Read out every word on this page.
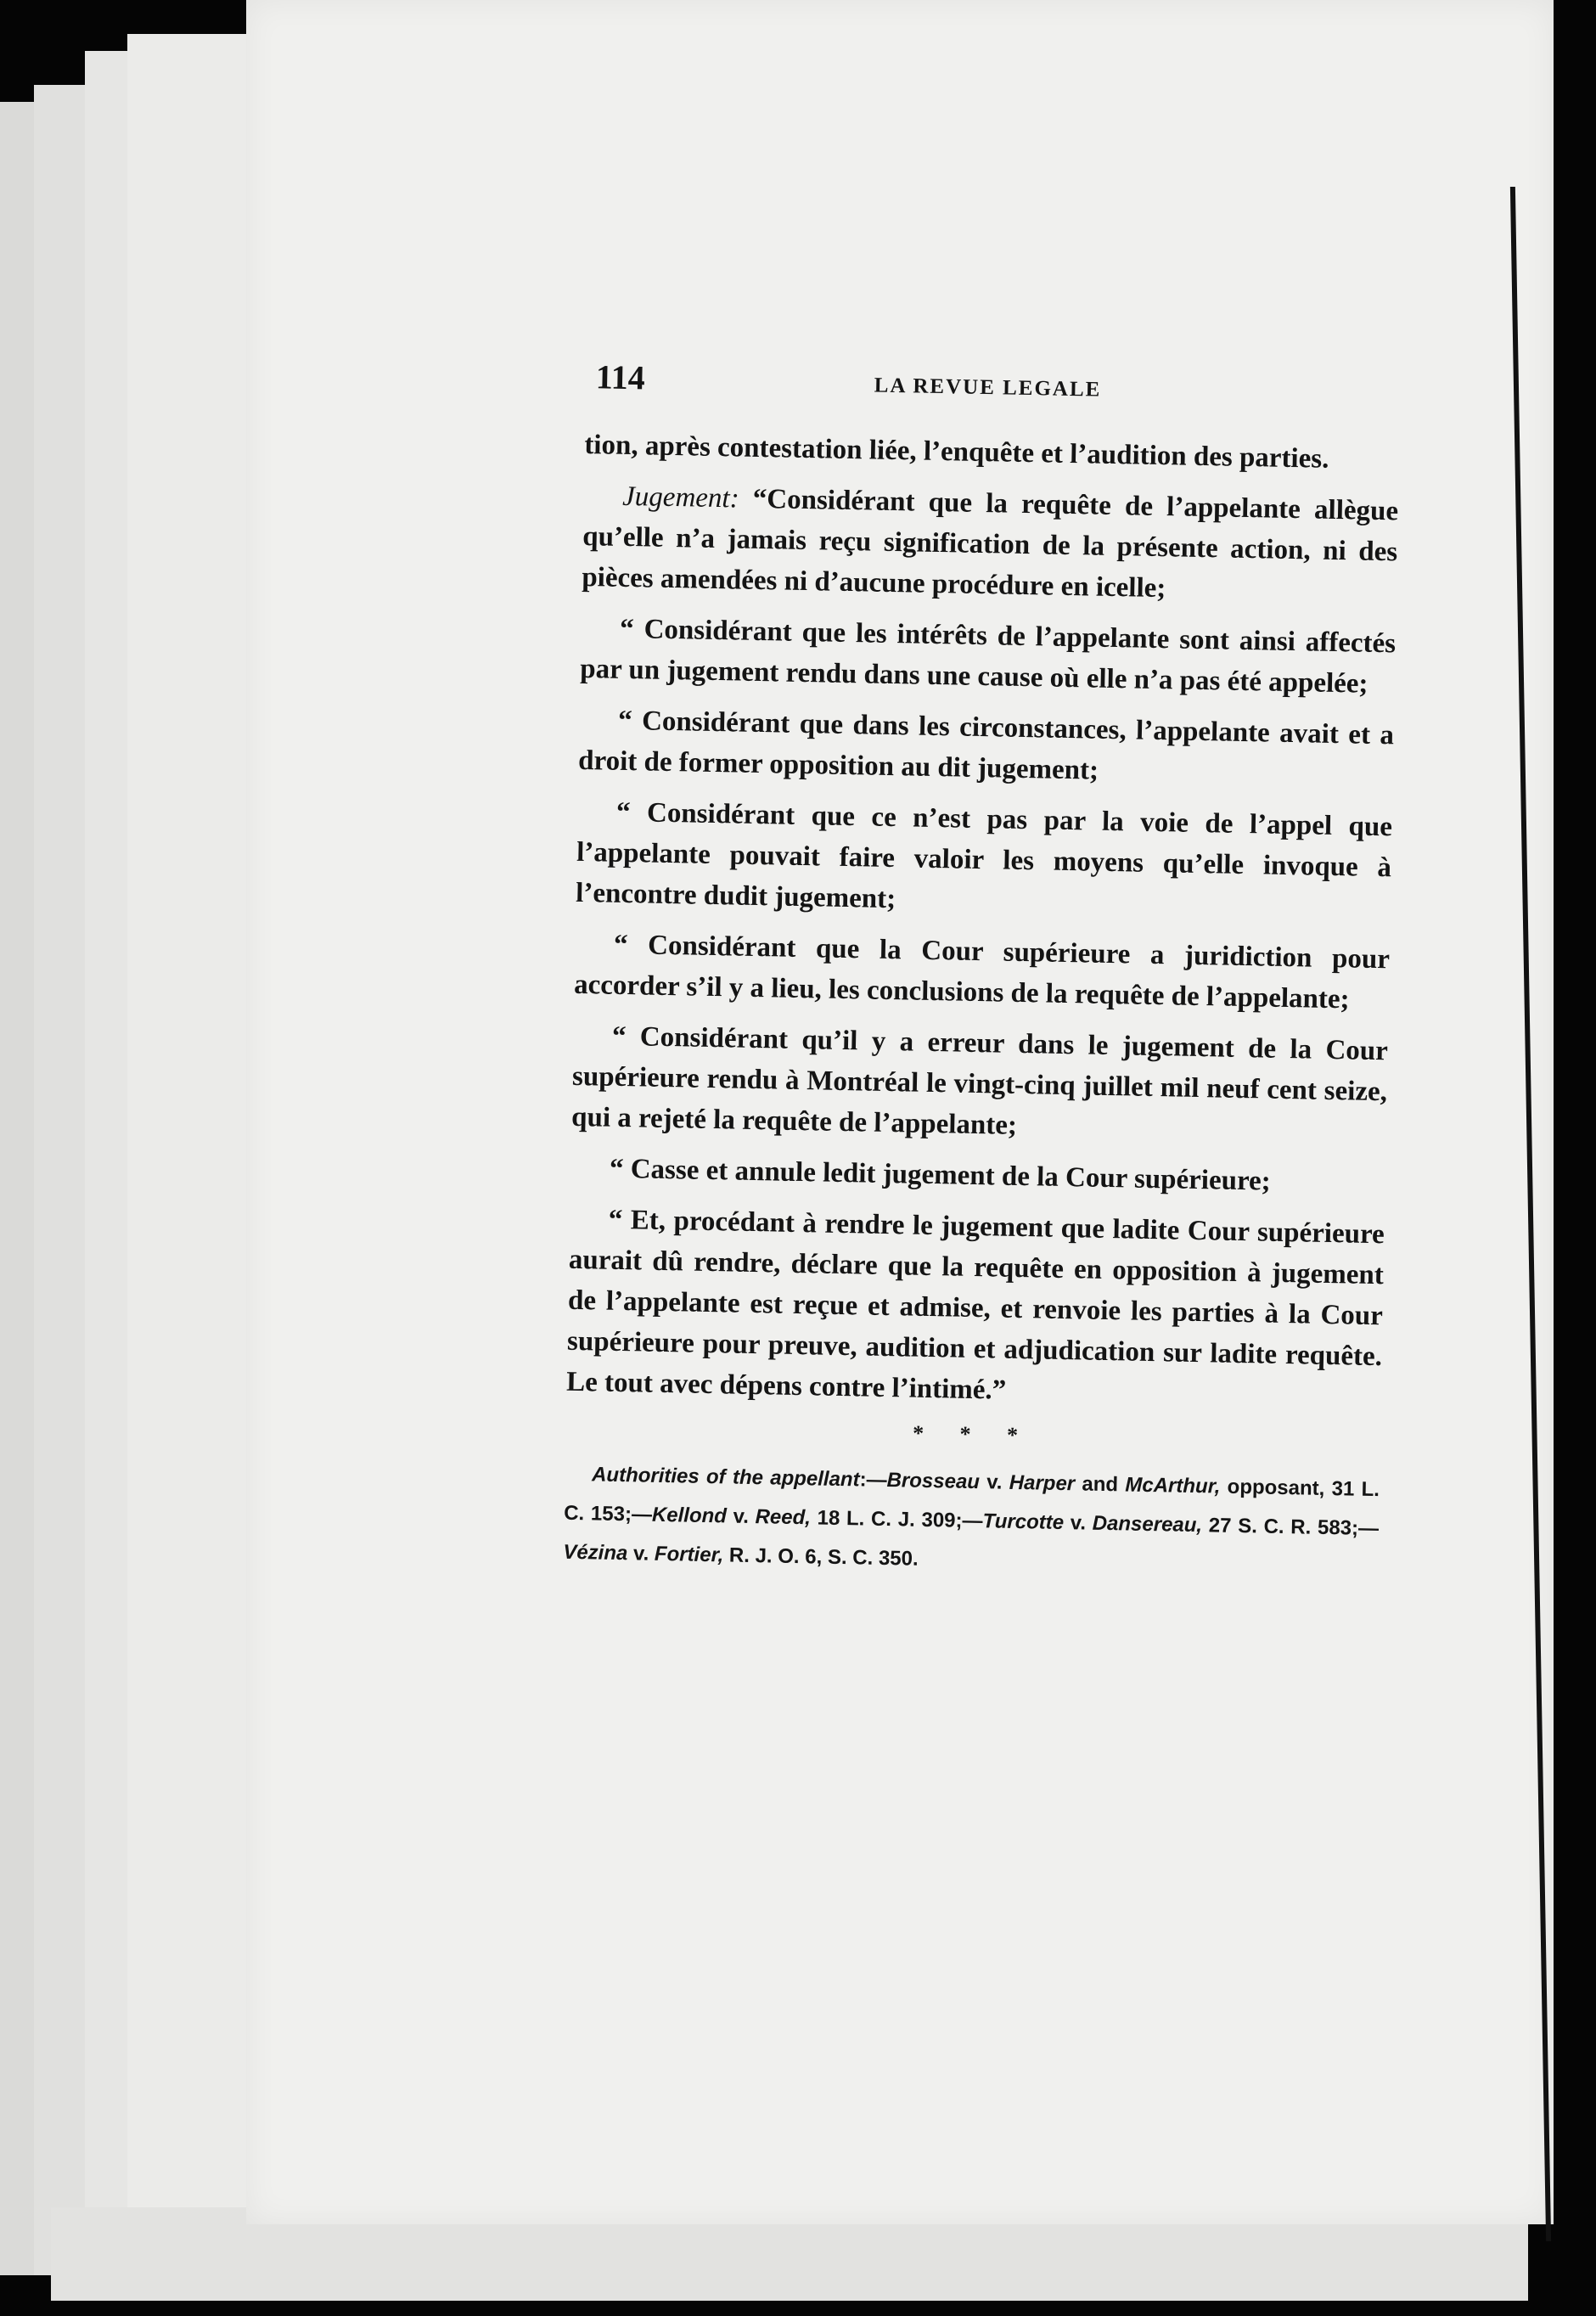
114	LA REVUE LEGALE

tion, après contestation liée, l’enquête et l’audition des parties.

Jugement: “Considérant que la requête de l’appelante allègue qu’elle n’a jamais reçu signification de la présente action, ni des pièces amendées ni d’aucune procédure en icelle;

“ Considérant que les intérêts de l’appelante sont ainsi affectés par un jugement rendu dans une cause où elle n’a pas été appelée;

“ Considérant que dans les circonstances, l’appelante avait et a droit de former opposition au dit jugement;

“ Considérant que ce n’est pas par la voie de l’appel que l’appelante pouvait faire valoir les moyens qu’elle invoque à l’encontre dudit jugement;

“ Considérant que la Cour supérieure a juridiction pour accorder s’il y a lieu, les conclusions de la requête de l’appelante;

“ Considérant qu’il y a erreur dans le jugement de la Cour supérieure rendu à Montréal le vingt-cinq juillet mil neuf cent seize, qui a rejeté la requête de l’appelante;

“ Casse et annule ledit jugement de la Cour supérieure;

“ Et, procédant à rendre le jugement que ladite Cour supérieure aurait dû rendre, déclare que la requête en opposition à jugement de l’appelante est reçue et admise, et renvoie les parties à la Cour supérieure pour preuve, audition et adjudication sur ladite requête. Le tout avec dépens contre l’intimé.”

* * *

Authorities of the appellant:—Brosseau v. Harper and McArthur, opposant, 31 L. C. 153;—Kellond v. Reed, 18 L. C. J. 309;—Turcotte v. Dansereau, 27 S. C. R. 583;—Vézina v. Fortier, R. J. O. 6, S. C. 350.
